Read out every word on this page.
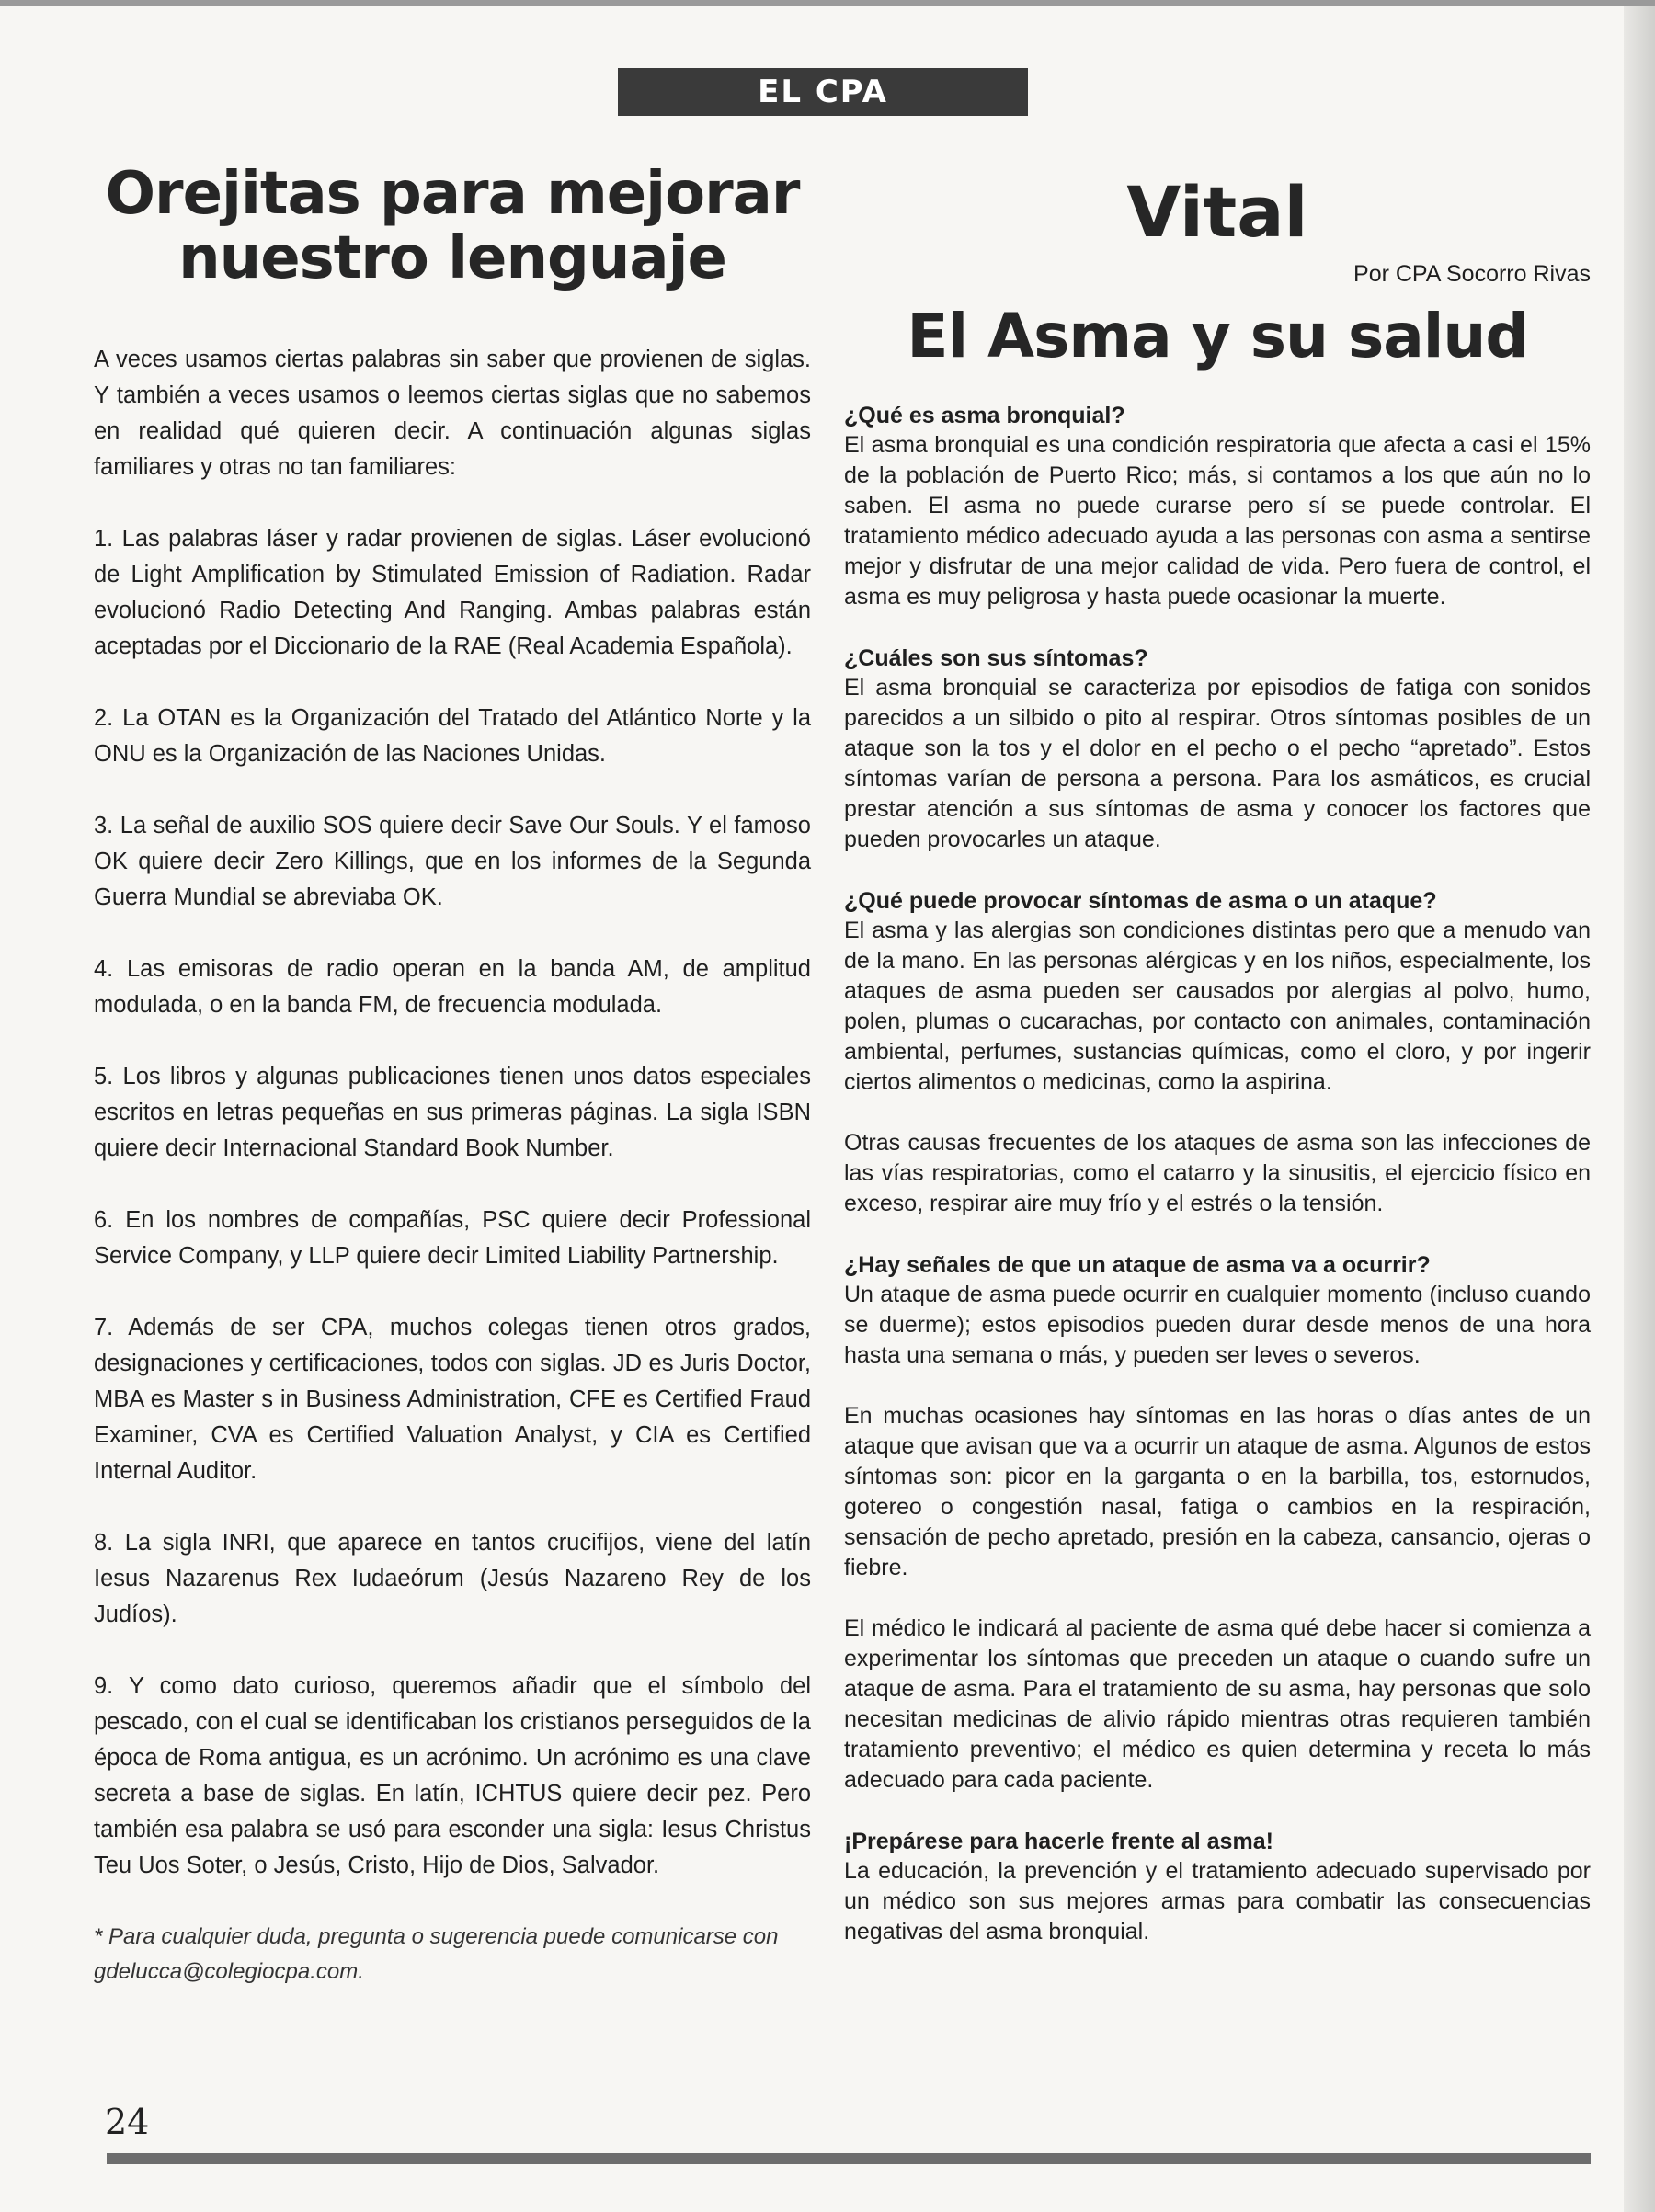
EL CPA
Orejitas para mejorar nuestro lenguaje

A veces usamos ciertas palabras sin saber que provienen de siglas. Y también a veces usamos o leemos ciertas siglas que no sabemos en realidad qué quieren decir. A continuación algunas siglas familiares y otras no tan familiares:

1. Las palabras láser y radar provienen de siglas. Láser evolucionó de Light Amplification by Stimulated Emission of Radiation. Radar evolucionó Radio Detecting And Ranging. Ambas palabras están aceptadas por el Diccionario de la RAE (Real Academia Española).

2. La OTAN es la Organización del Tratado del Atlántico Norte y la ONU es la Organización de las Naciones Unidas.

3. La señal de auxilio SOS quiere decir Save Our Souls. Y el famoso OK quiere decir Zero Killings, que en los informes de la Segunda Guerra Mundial se abreviaba OK.

4. Las emisoras de radio operan en la banda AM, de amplitud modulada, o en la banda FM, de frecuencia modulada.

5. Los libros y algunas publicaciones tienen unos datos especiales escritos en letras pequeñas en sus primeras páginas. La sigla ISBN quiere decir Internacional Standard Book Number.

6. En los nombres de compañías, PSC quiere decir Professional Service Company, y LLP quiere decir Limited Liability Partnership.

7. Además de ser CPA, muchos colegas tienen otros grados, designaciones y certificaciones, todos con siglas. JD es Juris Doctor, MBA es Master s in Business Administration, CFE es Certified Fraud Examiner, CVA es Certified Valuation Analyst, y CIA es Certified Internal Auditor.

8. La sigla INRI, que aparece en tantos crucifijos, viene del latín Iesus Nazarenus Rex Iudaeórum (Jesús Nazareno Rey de los Judíos).

9. Y como dato curioso, queremos añadir que el símbolo del pescado, con el cual se identificaban los cristianos perseguidos de la época de Roma antigua, es un acrónimo. Un acrónimo es una clave secreta a base de siglas. En latín, ICHTUS quiere decir pez. Pero también esa palabra se usó para esconder una sigla: Iesus Christus Teu Uos Soter, o Jesús, Cristo, Hijo de Dios, Salvador.

* Para cualquier duda, pregunta o sugerencia puede comunicarse con gdelucca@colegiocpa.com.

Vital
Por CPA Socorro Rivas
El Asma y su salud
¿Qué es asma bronquial?

El asma bronquial es una condición respiratoria que afecta a casi el 15% de la población de Puerto Rico; más, si contamos a los que aún no lo saben. El asma no puede curarse pero sí se puede controlar. El tratamiento médico adecuado ayuda a las personas con asma a sentirse mejor y disfrutar de una mejor calidad de vida. Pero fuera de control, el asma es muy peligrosa y hasta puede ocasionar la muerte.

¿Cuáles son sus síntomas?

El asma bronquial se caracteriza por episodios de fatiga con sonidos parecidos a un silbido o pito al respirar. Otros síntomas posibles de un ataque son la tos y el dolor en el pecho o el pecho “apretado”. Estos síntomas varían de persona a persona. Para los asmáticos, es crucial prestar atención a sus síntomas de asma y conocer los factores que pueden provocarles un ataque.

¿Qué puede provocar síntomas de asma o un ataque?

El asma y las alergias son condiciones distintas pero que a menudo van de la mano. En las personas alérgicas y en los niños, especialmente, los ataques de asma pueden ser causados por alergias al polvo, humo, polen, plumas o cucarachas, por contacto con animales, contaminación ambiental, perfumes, sustancias químicas, como el cloro, y por ingerir ciertos alimentos o medicinas, como la aspirina.

Otras causas frecuentes de los ataques de asma son las infecciones de las vías respiratorias, como el catarro y la sinusitis, el ejercicio físico en exceso, respirar aire muy frío y el estrés o la tensión.

¿Hay señales de que un ataque de asma va a ocurrir?

Un ataque de asma puede ocurrir en cualquier momento (incluso cuando se duerme); estos episodios pueden durar desde menos de una hora hasta una semana o más, y pueden ser leves o severos.

En muchas ocasiones hay síntomas en las horas o días antes de un ataque que avisan que va a ocurrir un ataque de asma. Algunos de estos síntomas son: picor en la garganta o en la barbilla, tos, estornudos, gotereo o congestión nasal, fatiga o cambios en la respiración, sensación de pecho apretado, presión en la cabeza, cansancio, ojeras o fiebre.

El médico le indicará al paciente de asma qué debe hacer si comienza a experimentar los síntomas que preceden un ataque o cuando sufre un ataque de asma. Para el tratamiento de su asma, hay personas que solo necesitan medicinas de alivio rápido mientras otras requieren también tratamiento preventivo; el médico es quien determina y receta lo más adecuado para cada paciente.

¡Prepárese para hacerle frente al asma!

La educación, la prevención y el tratamiento adecuado supervisado por un médico son sus mejores armas para combatir las consecuencias negativas del asma bronquial.

24
